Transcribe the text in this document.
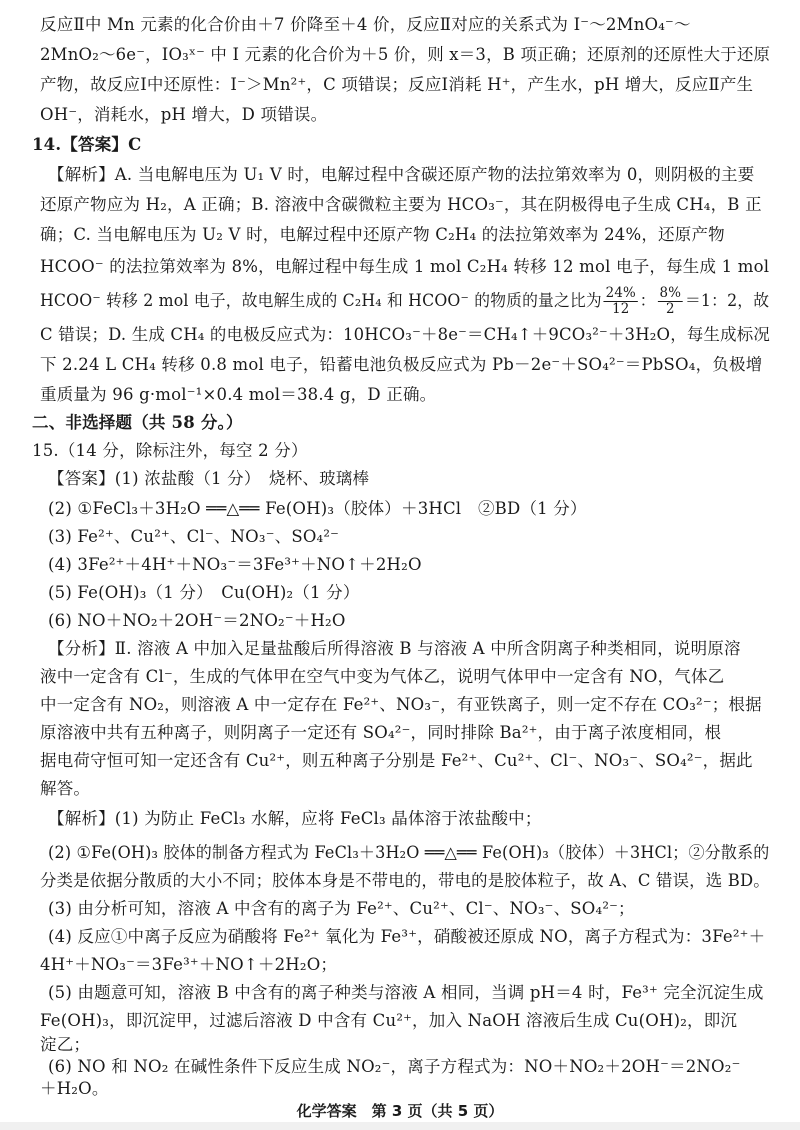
反应Ⅱ中 Mn 元素的化合价由＋7 价降至＋4 价，反应Ⅱ对应的关系式为 I⁻～2MnO₄⁻～
2MnO₂～6e⁻，IO₃ˣ⁻ 中 I 元素的化合价为＋5 价，则 x＝3，B 项正确；还原剂的还原性大于还原
产物，故反应Ⅰ中还原性：I⁻＞Mn²⁺，C 项错误；反应Ⅰ消耗 H⁺，产生水，pH 增大，反应Ⅱ产生
OH⁻，消耗水，pH 增大，D 项错误。
14.【答案】C
【解析】A. 当电解电压为 U₁ V 时，电解过程中含碳还原产物的法拉第效率为 0，则阴极的主要
还原产物应为 H₂，A 正确；B. 溶液中含碳微粒主要为 HCO₃⁻，其在阴极得电子生成 CH₄，B 正
确；C. 当电解电压为 U₂ V 时，电解过程中还原产物 C₂H₄ 的法拉第效率为 24%，还原产物
HCOO⁻ 的法拉第效率为 8%，电解过程中每生成 1 mol C₂H₄ 转移 12 mol 电子，每生成 1 mol
HCOO⁻ 转移 2 mol 电子，故电解生成的 C₂H₄ 和 HCOO⁻ 的物质的量之比为 $\frac{24\%}{12}$ ： $\frac{8\%}{2} =1$：2，故
C 错误；D. 生成 CH₄ 的电极反应式为：10HCO₃⁻＋8e⁻＝CH₄↑＋9CO₃²⁻＋3H₂O，每生成标况
下 2.24 L CH₄ 转移 0.8 mol 电子，铅蓄电池负极反应式为 Pb－2e⁻＋SO₄²⁻＝PbSO₄，负极增
重质量为 96 g·mol⁻¹×0.4 mol＝38.4 g，D 正确。
二、非选择题（共 58 分。）
15.（14 分，除标注外，每空 2 分）
【答案】(1) 浓盐酸（1 分）　烧杯、玻璃棒
(2) ①FeCl₃＋3H₂O ══△══ Fe(OH)₃（胶体）＋3HCl　②BD（1 分）
(3) Fe²⁺、Cu²⁺、Cl⁻、NO₃⁻、SO₄²⁻
(4) 3Fe²⁺＋4H⁺＋NO₃⁻＝3Fe³⁺＋NO↑＋2H₂O
(5) Fe(OH)₃（1 分）　Cu(OH)₂（1 分）
(6) NO＋NO₂＋2OH⁻＝2NO₂⁻＋H₂O
【分析】Ⅱ. 溶液 A 中加入足量盐酸后所得溶液 B 与溶液 A 中所含阴离子种类相同，说明原溶
液中一定含有 Cl⁻，生成的气体甲在空气中变为气体乙，说明气体甲中一定含有 NO，气体乙
中一定含有 NO₂，则溶液 A 中一定存在 Fe²⁺、NO₃⁻，有亚铁离子，则一定不存在 CO₃²⁻；根据
原溶液中共有五种离子，则阴离子一定还有 SO₄²⁻，同时排除 Ba²⁺，由于离子浓度相同，根
据电荷守恒可知一定还含有 Cu²⁺，则五种离子分别是 Fe²⁺、Cu²⁺、Cl⁻、NO₃⁻、SO₄²⁻，据此
解答。
【解析】(1) 为防止 FeCl₃ 水解，应将 FeCl₃ 晶体溶于浓盐酸中；
(2) ①Fe(OH)₃ 胶体的制备方程式为 FeCl₃＋3H₂O ══△══ Fe(OH)₃（胶体）＋3HCl；②分散系的
分类是依据分散质的大小不同；胶体本身是不带电的，带电的是胶体粒子，故 A、C 错误，选 BD。
(3) 由分析可知，溶液 A 中含有的离子为 Fe²⁺、Cu²⁺、Cl⁻、NO₃⁻、SO₄²⁻；
(4) 反应①中离子反应为硝酸将 Fe²⁺ 氧化为 Fe³⁺，硝酸被还原成 NO，离子方程式为：3Fe²⁺＋
4H⁺＋NO₃⁻＝3Fe³⁺＋NO↑＋2H₂O；
(5) 由题意可知，溶液 B 中含有的离子种类与溶液 A 相同，当调 pH＝4 时，Fe³⁺ 完全沉淀生成
Fe(OH)₃，即沉淀甲，过滤后溶液 D 中含有 Cu²⁺，加入 NaOH 溶液后生成 Cu(OH)₂，即沉
淀乙；
(6) NO 和 NO₂ 在碱性条件下反应生成 NO₂⁻，离子方程式为：NO＋NO₂＋2OH⁻＝2NO₂⁻
化学答案　第 3 页（共 5 页）
＋H₂O。
